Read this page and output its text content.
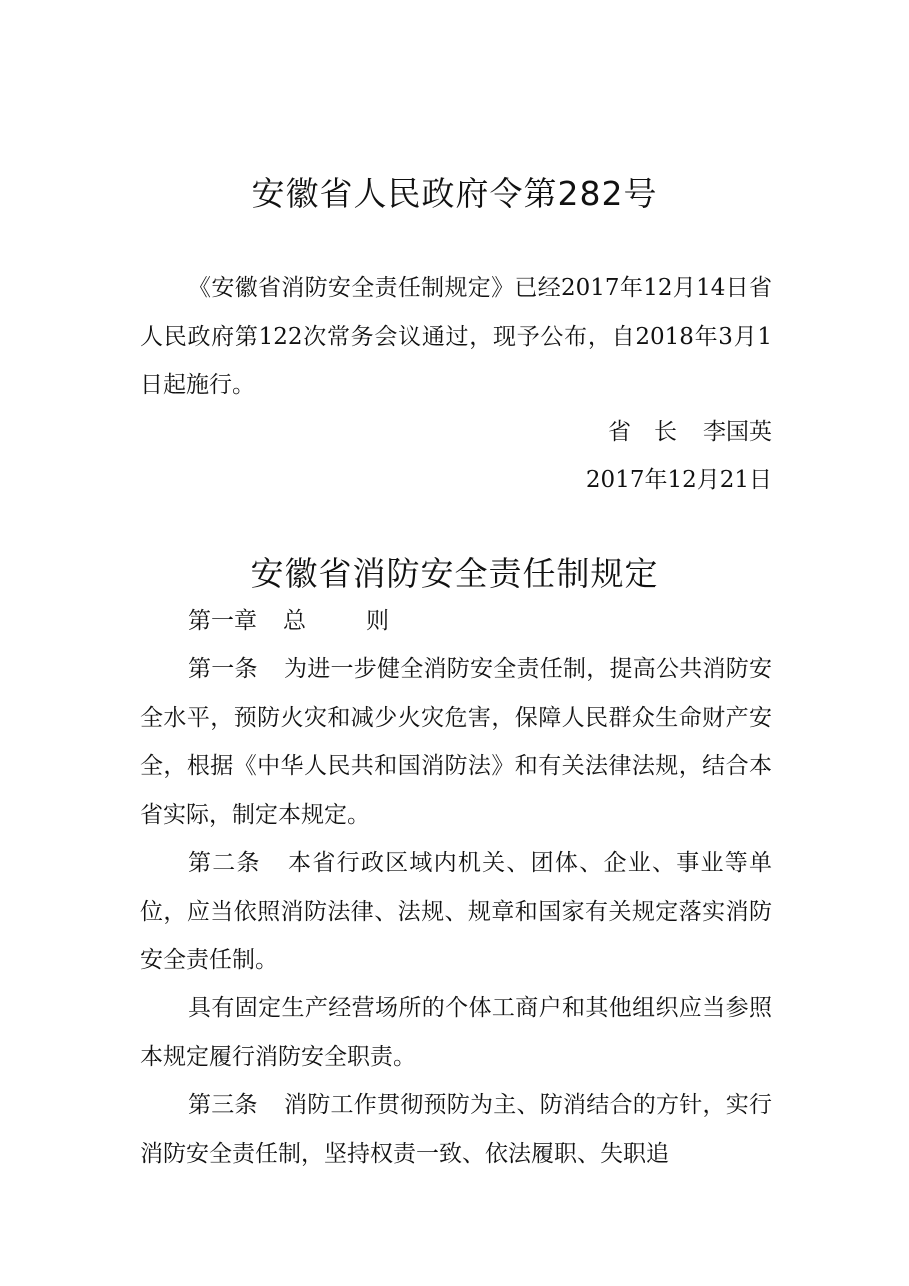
安徽省人民政府令第282号

《安徽省消防安全责任制规定》已经2017年12月14日省人民政府第122次常务会议通过，现予公布，自2018年3月1日起施行。

省　长 李国英

2017年12月21日

安徽省消防安全责任制规定

第一章 总	则

第一条 为进一步健全消防安全责任制，提高公共消防安全水平，预防火灾和减少火灾危害，保障人民群众生命财产安全，根据《中华人民共和国消防法》和有关法律法规，结合本省实际，制定本规定。

第二条 本省行政区域内机关、团体、企业、事业等单位，应当依照消防法律、法规、规章和国家有关规定落实消防安全责任制。

具有固定生产经营场所的个体工商户和其他组织应当参照本规定履行消防安全职责。

第三条 消防工作贯彻预防为主、防消结合的方针，实行消防安全责任制，坚持权责一致、依法履职、失职追
